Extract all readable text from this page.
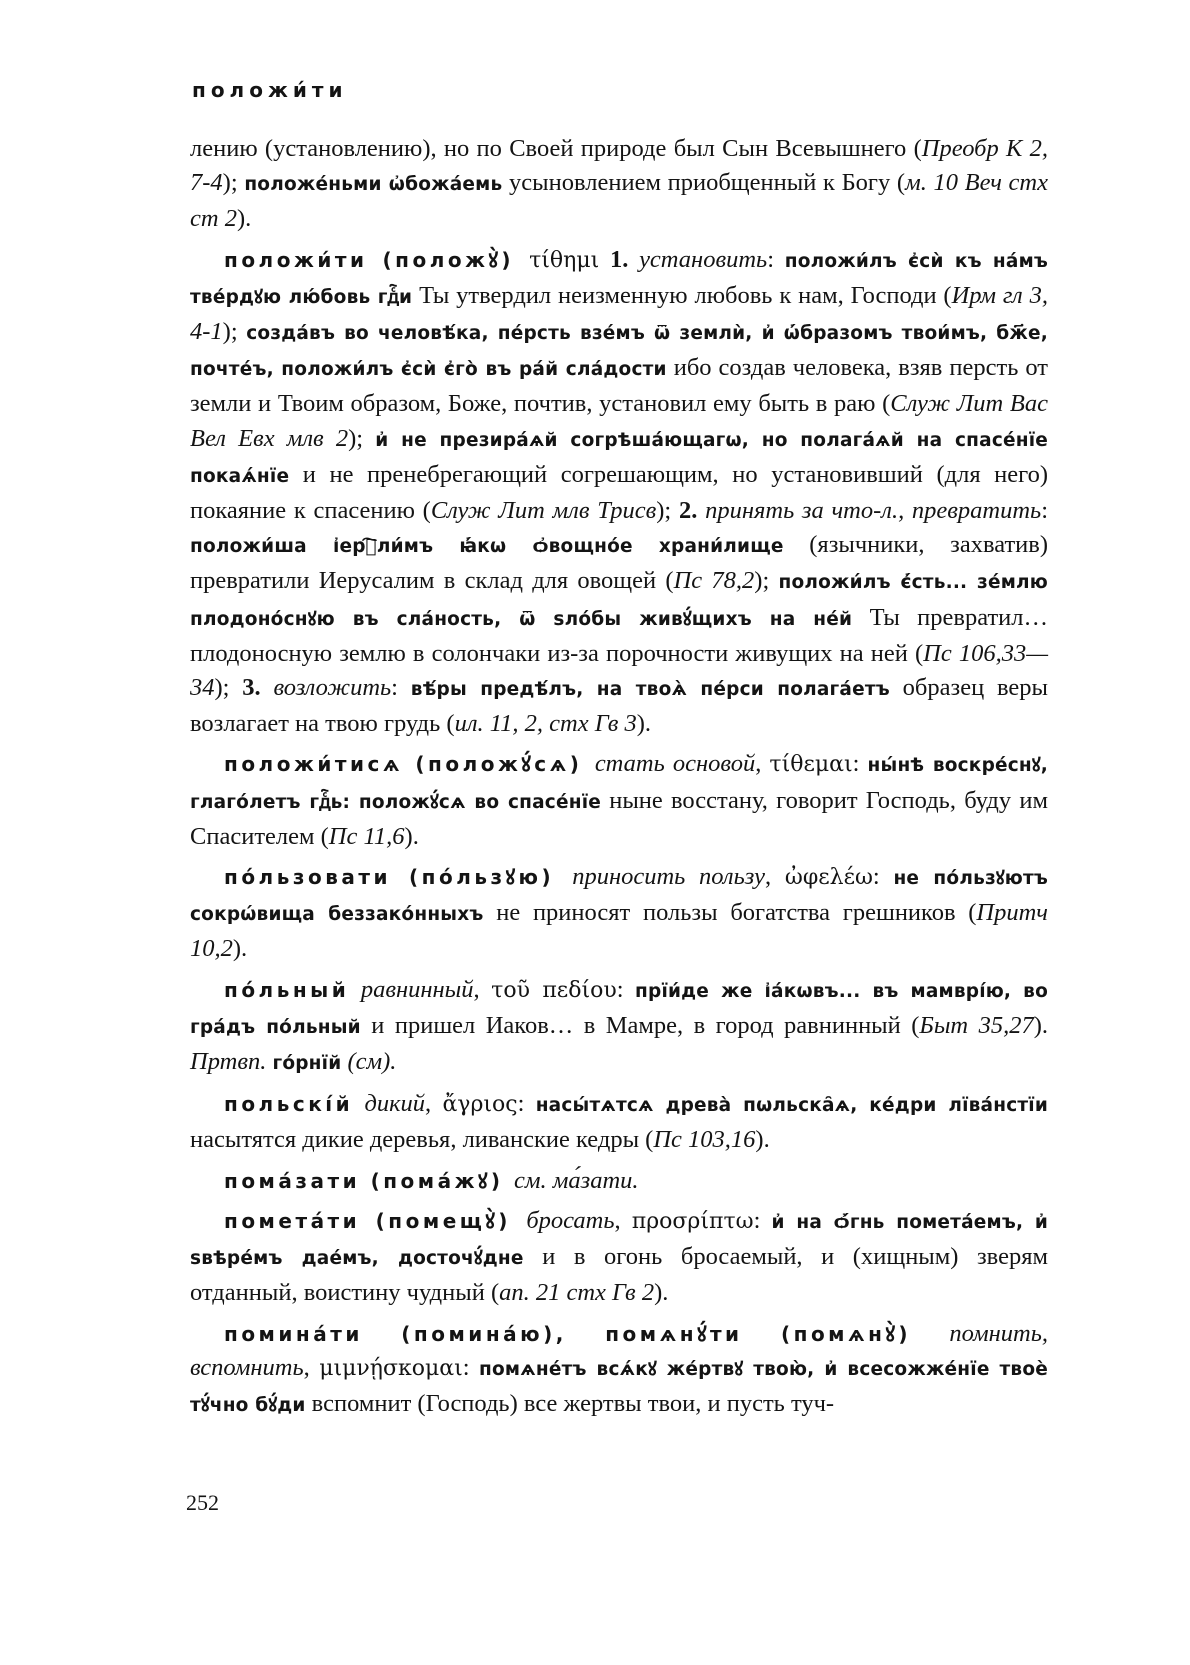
положи́ти

лению (установлению), но по Своей природе был Сын Всевышнего (Преобр К 2, 7-4); положе́ньми ѡ҆божа́емь усыновлением приобщенный к Богу (м. 10 Веч стх ст 2).

положи́ти (положꙋ̀) τίθημι 1. установить: положи́лъ є҆сѝ къ на́мъ тве́рдꙋю лю́бовь гдⷭ҇и Ты утвердил неизменную любовь к нам, Господи (Ирм гл 3, 4-1); созда́въ во человѣ́ка, пе́рсть взе́мъ ѿ землѝ, и҆ ѡ҆́бразомъ твои́мъ, бж҃е, почте́ъ, положи́лъ є҆сѝ є҆го̀ въ ра́й сла́дости ибо создав человека, взяв персть от земли и Твоим образом, Боже, почтив, установил ему быть в раю (Служ Лит Вас Вел Евх млв 2); и҆ не презира́ѧй согрѣша́ющагѡ, но полага́ѧй на спасе́нїе покаѧ́нїе и не пренебрегающий согрешающим, но установивший (для него) покаяние к спасению (Служ Лит млв Трисв); 2. принять за что-л., превратить: положи́ша і҆ерⷭ҇ли́мъ ꙗ҆́кѡ ѻ҆вощно́е храни́лище (язычники, захватив) превратили Иерусалим в склад для овощей (Пс 78,2); положи́лъ є҆́сть... зе́млю плодоно́снꙋю въ сла́ность, ѿ ѕло́бы живꙋ́щихъ на не́й Ты превратил… плодоносную землю в солончаки из-за порочности живущих на ней (Пс 106,33—34); 3. возложить: вѣ́ры предѣ́лъ, на твоѧ̀ пе́рси полага́етъ образец веры возлагает на твою грудь (ил. 11, 2, стх Гв 3).

положи́тисѧ (положꙋ́сѧ) стать основой, τίθεμαι: ны́нѣ воскре́снꙋ, глаго́летъ гдⷭ҇ь: положꙋ́сѧ во спасе́нїе ныне восстану, говорит Господь, буду им Спасителем (Пс 11,6).

по́льзовати (по́льзꙋю) приносить пользу, ὠφελέω: не по́льзꙋютъ сокрѡ́вища беззако́нныхъ не приносят пользы богатства грешников (Притч 10,2).

по́льный равнинный, τοῦ πεδίου: прїи́де же і҆а́кѡвъ... въ мамврі́ю, во гра́дъ по́льный и пришел Иаков… в Мамре, в город равнинный (Быт 35,27). Пртвп. го́рнїй (см).

польскі́й дикий, ἄγριος: насы́тѧтсѧ древа̀ пѡльска̑ѧ, ке́дри лїва́нстїи насытятся дикие деревья, ливанские кедры (Пс 103,16).

пома́зати (пома́жꙋ) см. ма́зати.

пометáти (помещꙋ̀) бросать, προσρίπτω: и҆ на ѻ҆́гнь помета́емъ, и҆ ѕвѣре́мъ дае́мъ, досточꙋ́дне и в огонь бросаемый, и (хищным) зверям отданный, воистину чудный (ап. 21 стх Гв 2).

помина́ти (помина́ю), помѧнꙋ́ти (помѧнꙋ̀) помнить, вспомнить, μιμνῄσκομαι: помѧне́тъ всѧ́кꙋ же́ртвꙋ твою̀, и҆ всесожже́нїе твоѐ тꙋ́чно бꙋ́ди вспомнит (Господь) все жертвы твои, и пусть туч-

252
